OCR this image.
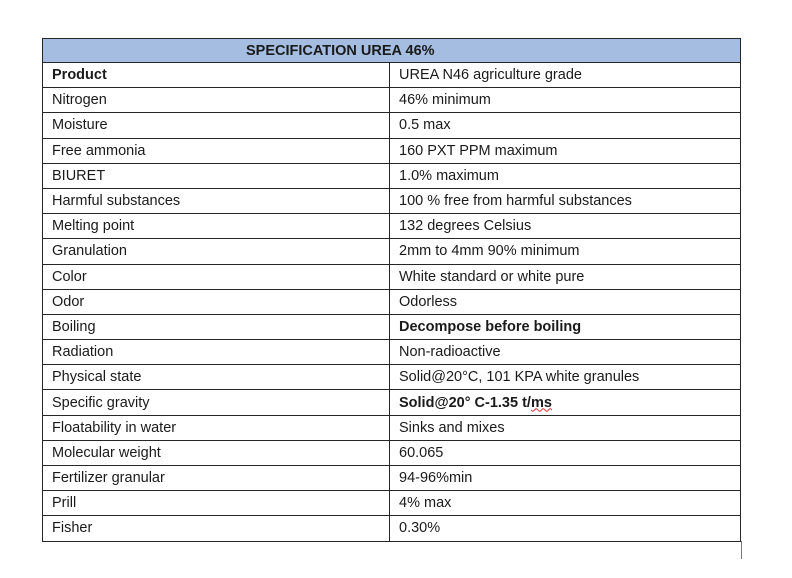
SPECIFICATION UREA 46%	
Product	UREA N46 agriculture grade
Nitrogen	46% minimum
Moisture	0.5 max
Free ammonia	160 PXT PPM maximum
BIURET	1.0% maximum
Harmful substances	100 % free from harmful substances
Melting point	132 degrees Celsius
Granulation	2mm to 4mm 90% minimum
Color	White standard or white pure
Odor	Odorless
Boiling	Decompose before boiling
Radiation	Non-radioactive
Physical state	Solid@20°C, 101 KPA white granules
Specific gravity	Solid@20° C-1.35 t/ms
Floatability in water	Sinks and mixes
Molecular weight	60.065
Fertilizer granular	94-96%min
Prill	4% max
Fisher	0.30%
